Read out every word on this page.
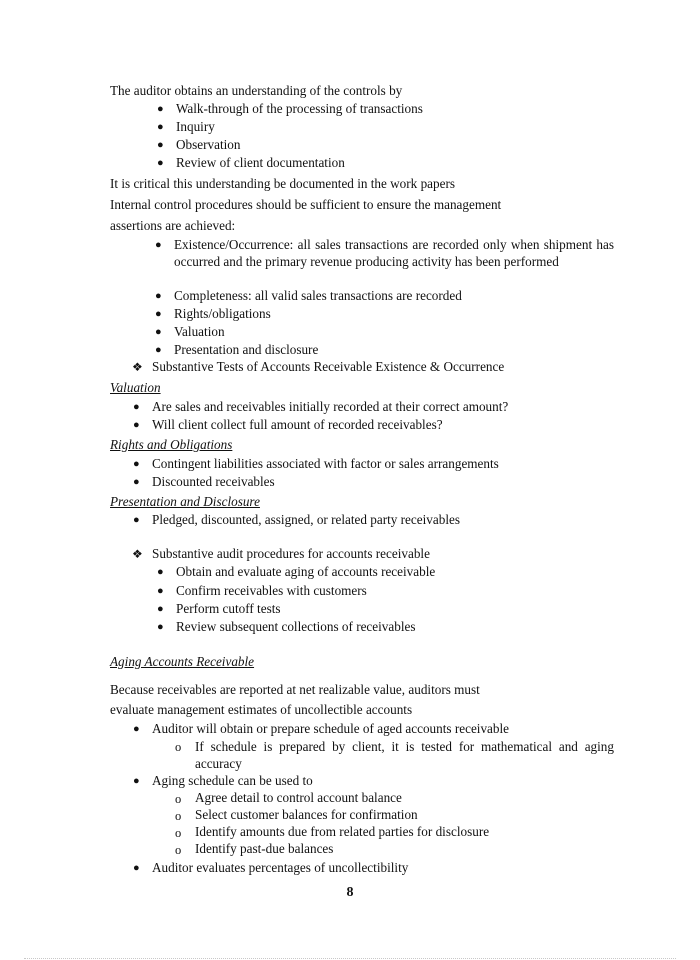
The auditor obtains an understanding of the controls by
●
Walk-through of the processing of transactions
●
Inquiry
●
Observation
●
Review of client documentation
It is critical this understanding be documented in the work papers
Internal control procedures should be sufficient to ensure the management
assertions are achieved:
●
Existence/Occurrence: all sales transactions are recorded only when shipment has occurred and the primary revenue producing activity has been performed
●
Completeness: all valid sales transactions are recorded
●
Rights/obligations
●
Valuation
●
Presentation and disclosure
❖
Substantive Tests of Accounts Receivable Existence & Occurrence
Valuation
●
Are sales and receivables initially recorded at their correct amount?
●
Will client collect full amount of recorded receivables?
Rights and Obligations
●
Contingent liabilities associated with factor or sales arrangements
●
Discounted receivables
Presentation and Disclosure
●
Pledged, discounted, assigned, or related party receivables
❖
Substantive audit procedures for accounts receivable
●
Obtain and evaluate aging of accounts receivable
●
Confirm receivables with customers
●
Perform cutoff tests
●
Review subsequent collections of receivables
Aging Accounts Receivable
Because receivables are reported at net realizable value, auditors must
evaluate management estimates of uncollectible accounts
●
Auditor will obtain or prepare schedule of aged accounts receivable
o
If schedule is prepared by client, it is tested for mathematical and aging accuracy
●
Aging schedule can be used to
o
Agree detail to control account balance
o
Select customer balances for confirmation
o
Identify amounts due from related parties for disclosure
o
Identify past-due balances
●
Auditor evaluates percentages of uncollectibility
8
